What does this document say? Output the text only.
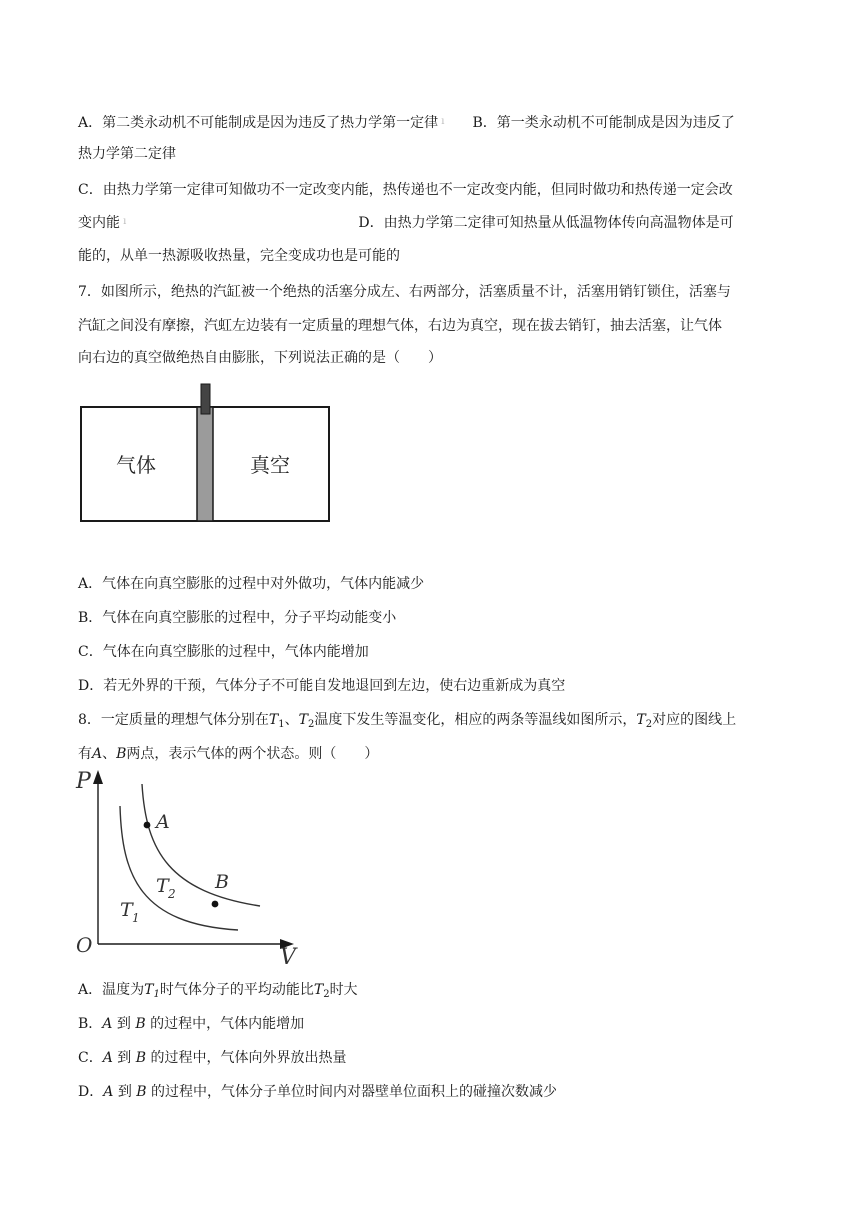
A．第二类永动机不可能制成是因为违反了热力学第一定律 $^ı$ B．第一类永动机不可能制成是因为违反了
热力学第二定律
C．由热力学第一定律可知做功不一定改变内能，热传递也不一定改变内能，但同时做功和热传递一定会改
变内能 $^ı$	D．由热力学第二定律可知热量从低温物体传向高温物体是可
能的，从单一热源吸收热量，完全变成功也是可能的
7．如图所示，绝热的汽缸被一个绝热的活塞分成左、右两部分，活塞质量不计，活塞用销钉锁住，活塞与
汽缸之间没有摩擦，汽虹左边装有一定质量的理想气体，右边为真空，现在拔去销钉，抽去活塞，让气体
向右边的真空做绝热自由膨胀，下列说法正确的是（　　）
气体	真空
A．气体在向真空膨胀的过程中对外做功，气体内能减少
B．气体在向真空膨胀的过程中，分子平均动能变小
C．气体在向真空膨胀的过程中，气体内能增加
D．若无外界的干预，气体分子不可能自发地退回到左边，使右边重新成为真空
8．一定质量的理想气体分别在$T_1$、$T_2$温度下发生等温变化，相应的两条等温线如图所示，$T_2$对应的图线上
有A、B两点，表示气体的两个状态。则（　　）
P
V
O
A
B
T 2
T 1
A．温度为$T_1$时气体分子的平均动能比$T_2$时大
B．A 到 B 的过程中，气体内能增加
C．A 到 B 的过程中，气体向外界放出热量
D．A 到 B 的过程中，气体分子单位时间内对器壁单位面积上的碰撞次数减少
